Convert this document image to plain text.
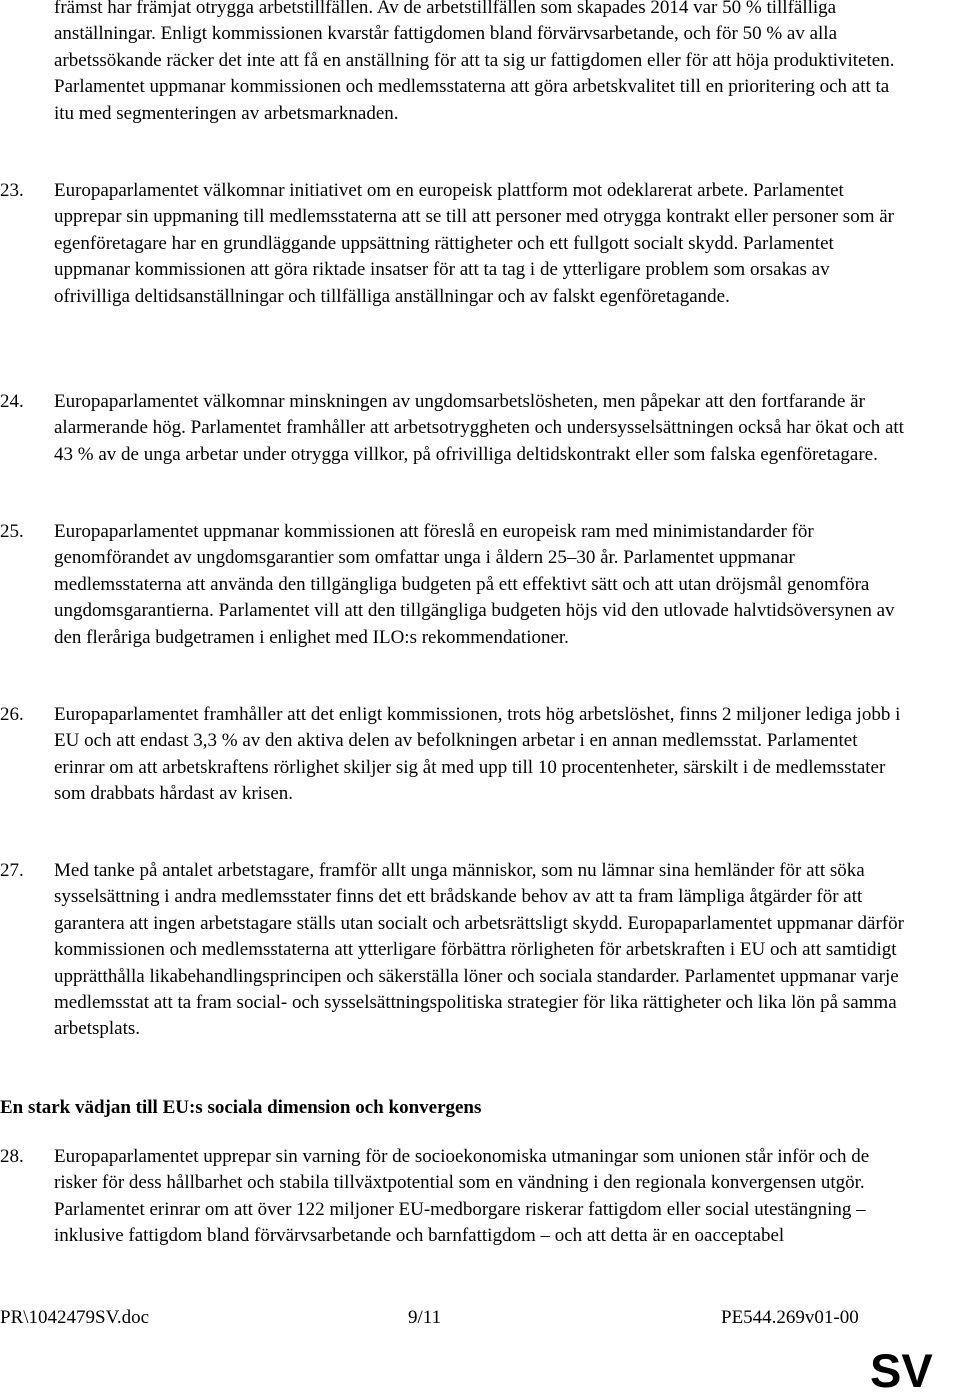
främst har främjat otrygga arbetstillfällen. Av de arbetstillfällen som skapades 2014 var 50 % tillfälliga anställningar. Enligt kommissionen kvarstår fattigdomen bland förvärvsarbetande, och för 50 % av alla arbetssökande räcker det inte att få en anställning för att ta sig ur fattigdomen eller för att höja produktiviteten. Parlamentet uppmanar kommissionen och medlemsstaterna att göra arbetskvalitet till en prioritering och att ta itu med segmenteringen av arbetsmarknaden.

23. Europaparlamentet välkomnar initiativet om en europeisk plattform mot odeklarerat arbete. Parlamentet upprepar sin uppmaning till medlemsstaterna att se till att personer med otrygga kontrakt eller personer som är egenföretagare har en grundläggande uppsättning rättigheter och ett fullgott socialt skydd. Parlamentet uppmanar kommissionen att göra riktade insatser för att ta tag i de ytterligare problem som orsakas av ofrivilliga deltidsanställningar och tillfälliga anställningar och av falskt egenföretagande.

24. Europaparlamentet välkomnar minskningen av ungdomsarbetslösheten, men påpekar att den fortfarande är alarmerande hög. Parlamentet framhåller att arbetsotryggheten och undersysselsättningen också har ökat och att 43 % av de unga arbetar under otrygga villkor, på ofrivilliga deltidskontrakt eller som falska egenföretagare.

25. Europaparlamentet uppmanar kommissionen att föreslå en europeisk ram med minimistandarder för genomförandet av ungdomsgarantier som omfattar unga i åldern 25–30 år. Parlamentet uppmanar medlemsstaterna att använda den tillgängliga budgeten på ett effektivt sätt och att utan dröjsmål genomföra ungdomsgarantierna. Parlamentet vill att den tillgängliga budgeten höjs vid den utlovade halvtidsöversynen av den fleråriga budgetramen i enlighet med ILO:s rekommendationer.

26. Europaparlamentet framhåller att det enligt kommissionen, trots hög arbetslöshet, finns 2 miljoner lediga jobb i EU och att endast 3,3 % av den aktiva delen av befolkningen arbetar i en annan medlemsstat. Parlamentet erinrar om att arbetskraftens rörlighet skiljer sig åt med upp till 10 procentenheter, särskilt i de medlemsstater som drabbats hårdast av krisen.

27. Med tanke på antalet arbetstagare, framför allt unga människor, som nu lämnar sina hemländer för att söka sysselsättning i andra medlemsstater finns det ett brådskande behov av att ta fram lämpliga åtgärder för att garantera att ingen arbetstagare ställs utan socialt och arbetsrättsligt skydd. Europaparlamentet uppmanar därför kommissionen och medlemsstaterna att ytterligare förbättra rörligheten för arbetskraften i EU och att samtidigt upprätthålla likabehandlingsprincipen och säkerställa löner och sociala standarder. Parlamentet uppmanar varje medlemsstat att ta fram social- och sysselsättningspolitiska strategier för lika rättigheter och lika lön på samma arbetsplats.

En stark vädjan till EU:s sociala dimension och konvergens
28. Europaparlamentet upprepar sin varning för de socioekonomiska utmaningar som unionen står inför och de risker för dess hållbarhet och stabila tillväxtpotential som en vändning i den regionala konvergensen utgör. Parlamentet erinrar om att över 122 miljoner EU-medborgare riskerar fattigdom eller social utestängning – inklusive fattigdom bland förvärvsarbetande och barnfattigdom – och att detta är en oacceptabel

PR\1042479SV.doc	9/11	PE544.269v01-00
SV
